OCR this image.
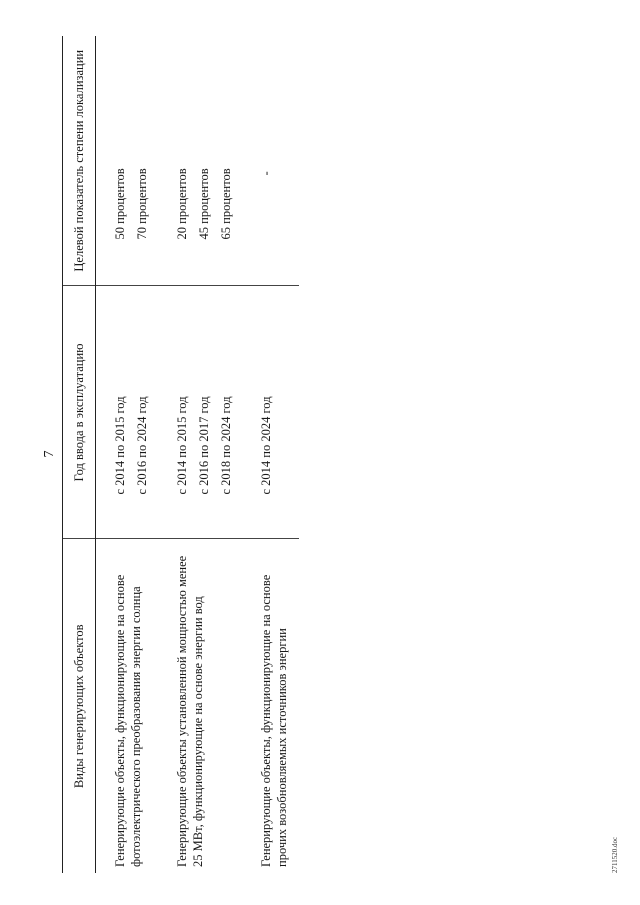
7
Виды генерирующих объектов	Год ввода в эксплуатацию	Целевой показатель степени локализации

Генерирующие объекты, функционирующие на основе фотоэлектрического преобразования энергии солнца	с 2014 по 2015 год с 2016 по 2024 год	50 процентов 70 процентов

Генерирующие объекты установленной мощностью менее 25 МВт, функционирующие на основе энергии вод	с 2014 по 2015 год с 2016 по 2017 год с 2018 по 2024 год	20 процентов 45 процентов 65 процентов

Генерирующие объекты, функционирующие на основе прочих возобновляемых источников энергии	с 2014 по 2024 год	-
2711520.doc
